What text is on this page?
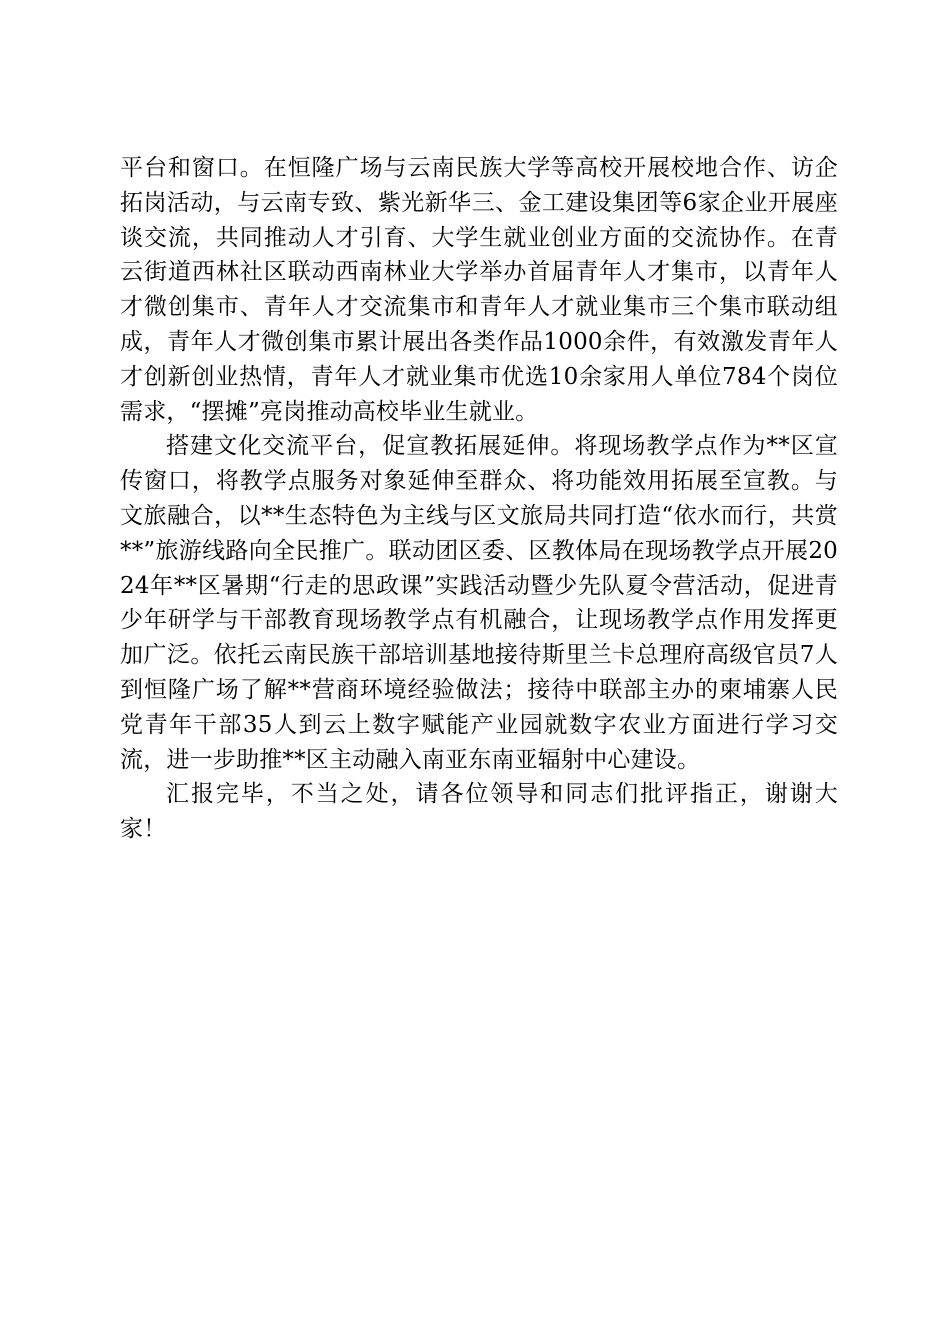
平台和窗口。在恒隆广场与云南民族大学等高校开展校地合作、访企拓岗活动，与云南专致、紫光新华三、金工建设集团等6家企业开展座谈交流，共同推动人才引育、大学生就业创业方面的交流协作。在青云街道西林社区联动西南林业大学举办首届青年人才集市，以青年人才微创集市、青年人才交流集市和青年人才就业集市三个集市联动组成，青年人才微创集市累计展出各类作品1000余件，有效激发青年人才创新创业热情，青年人才就业集市优选10余家用人单位784个岗位需求，“摆摊”亮岗推动高校毕业生就业。

搭建文化交流平台，促宣教拓展延伸。将现场教学点作为**区宣传窗口，将教学点服务对象延伸至群众、将功能效用拓展至宣教。与文旅融合，以**生态特色为主线与区文旅局共同打造“依水而行，共赏**”旅游线路向全民推广。联动团区委、区教体局在现场教学点开展2024年**区暑期“行走的思政课”实践活动暨少先队夏令营活动，促进青少年研学与干部教育现场教学点有机融合，让现场教学点作用发挥更加广泛。依托云南民族干部培训基地接待斯里兰卡总理府高级官员7人到恒隆广场了解**营商环境经验做法；接待中联部主办的柬埔寨人民党青年干部35人到云上数字赋能产业园就数字农业方面进行学习交流，进一步助推**区主动融入南亚东南亚辐射中心建设。

汇报完毕，不当之处，请各位领导和同志们批评指正，谢谢大家！
